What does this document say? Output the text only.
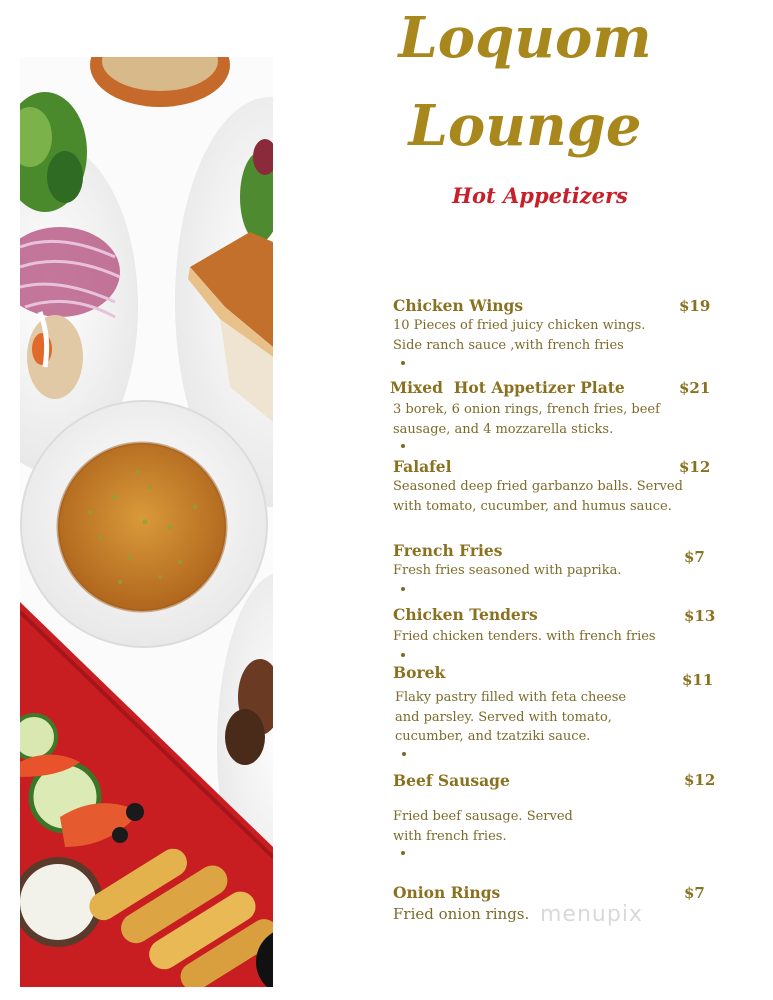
Loquom
Lounge
Hot Appetizers
Chicken Wings	$19
10 Pieces of fried juicy chicken wings.
Side ranch sauce ,with french fries
Mixed  Hot Appetizer Plate	$21
3 borek, 6 onion rings, french fries, beef
sausage, and 4 mozzarella sticks.
Falafel	$12
Seasoned deep fried garbanzo balls. Served
with tomato, cucumber, and humus sauce.
French Fries	$7
Fresh fries seasoned with paprika.
Chicken Tenders	$13
Fried chicken tenders. with french fries
Borek	$11
Flaky pastry filled with feta cheese
and parsley. Served with tomato,
cucumber, and tzatziki sauce.
Beef Sausage	$12
Fried beef sausage. Served
with french fries.
Onion Rings	$7
Fried onion rings. menupix
